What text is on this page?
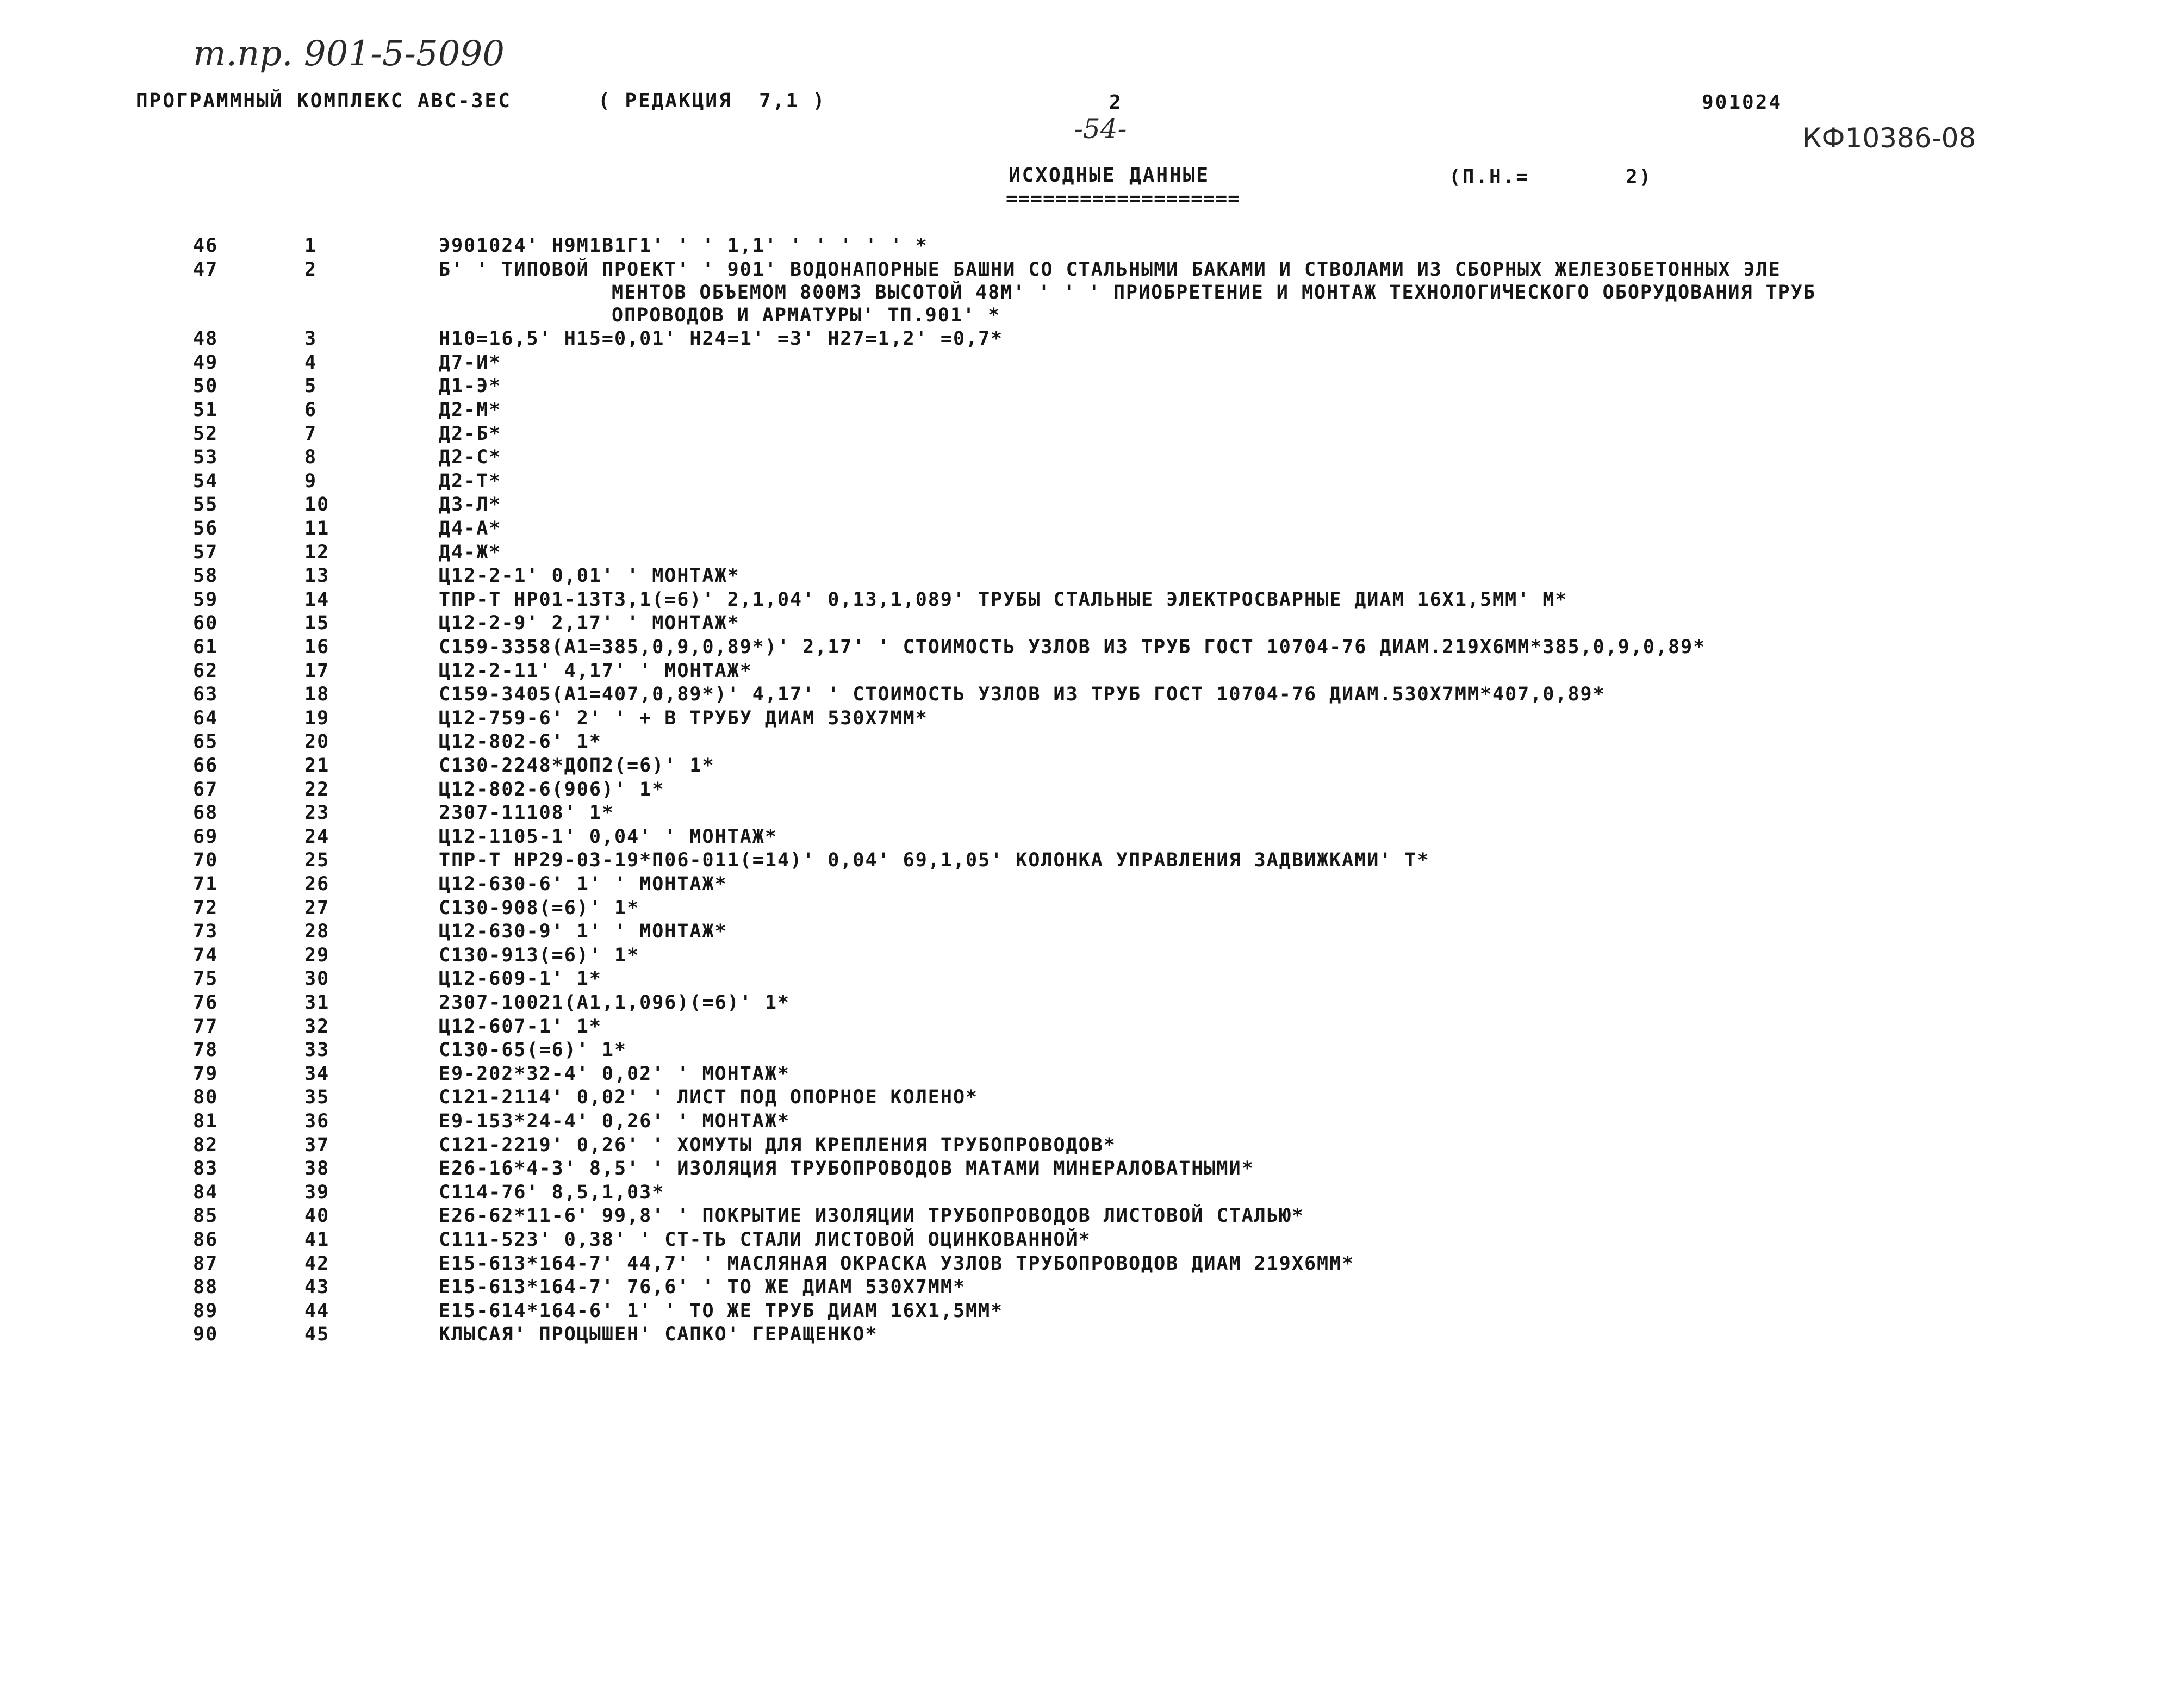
т.пр. 901-5-5090
-54-	КФ10386-08
ПРОГРАММНЫЙ КОМПЛЕКС АВС-3ЕС	( РЕДАКЦИЯ  7,1 )	2	901024
ИСХОДНЫЕ ДАННЫЕ
===================
(П.Н.=	2)
46	1	Э901024' Н9М1В1Г1' ' ' 1,1' ' ' ' ' ' *
47	2	Б' ' ТИПОВОЙ ПРОЕКТ' ' 901' ВОДОНАПОРНЫЕ БАШНИ СО СТАЛЬНЫМИ БАКАМИ И СТВОЛАМИ ИЗ СБОРНЫХ ЖЕЛЕЗОБЕТОННЫХ ЭЛЕ
МЕНТОВ ОБЪЕМОМ 800М3 ВЫСОТОЙ 48М' ' ' ' ПРИОБРЕТЕНИЕ И МОНТАЖ ТЕХНОЛОГИЧЕСКОГО ОБОРУДОВАНИЯ ТРУБ
ОПРОВОДОВ И АРМАТУРЫ' ТП.901' *
48	3	Н10=16,5' Н15=0,01' Н24=1' =3' Н27=1,2' =0,7*
49	4	Д7-И*
50	5	Д1-Э*
51	6	Д2-М*
52	7	Д2-Б*
53	8	Д2-С*
54	9	Д2-Т*
55	10	Д3-Л*
56	11	Д4-А*
57	12	Д4-Ж*
58	13	Ц12-2-1' 0,01' ' МОНТАЖ*
59	14	ТПР-Т НР01-13Т3,1(=6)' 2,1,04' 0,13,1,089' ТРУБЫ СТАЛЬНЫЕ ЭЛЕКТРОСВАРНЫЕ ДИАМ 16Х1,5ММ' М*
60	15	Ц12-2-9' 2,17' ' МОНТАЖ*
61	16	С159-3358(А1=385,0,9,0,89*)' 2,17' ' СТОИМОСТЬ УЗЛОВ ИЗ ТРУБ ГОСТ 10704-76 ДИАМ.219Х6ММ*385,0,9,0,89*
62	17	Ц12-2-11' 4,17' ' МОНТАЖ*
63	18	С159-3405(А1=407,0,89*)' 4,17' ' СТОИМОСТЬ УЗЛОВ ИЗ ТРУБ ГОСТ 10704-76 ДИАМ.530Х7ММ*407,0,89*
64	19	Ц12-759-6' 2' ' + В ТРУБУ ДИАМ 530Х7ММ*
65	20	Ц12-802-6' 1*
66	21	С130-2248*ДОП2(=6)' 1*
67	22	Ц12-802-6(906)' 1*
68	23	2307-11108' 1*
69	24	Ц12-1105-1' 0,04' ' МОНТАЖ*
70	25	ТПР-Т НР29-03-19*П06-011(=14)' 0,04' 69,1,05' КОЛОНКА УПРАВЛЕНИЯ ЗАДВИЖКАМИ' Т*
71	26	Ц12-630-6' 1' ' МОНТАЖ*
72	27	С130-908(=6)' 1*
73	28	Ц12-630-9' 1' ' МОНТАЖ*
74	29	С130-913(=6)' 1*
75	30	Ц12-609-1' 1*
76	31	2307-10021(А1,1,096)(=6)' 1*
77	32	Ц12-607-1' 1*
78	33	С130-65(=6)' 1*
79	34	Е9-202*32-4' 0,02' ' МОНТАЖ*
80	35	С121-2114' 0,02' ' ЛИСТ ПОД ОПОРНОЕ КОЛЕНО*
81	36	Е9-153*24-4' 0,26' ' МОНТАЖ*
82	37	С121-2219' 0,26' ' ХОМУТЫ ДЛЯ КРЕПЛЕНИЯ ТРУБОПРОВОДОВ*
83	38	Е26-16*4-3' 8,5' ' ИЗОЛЯЦИЯ ТРУБОПРОВОДОВ МАТАМИ МИНЕРАЛОВАТНЫМИ*
84	39	С114-76' 8,5,1,03*
85	40	Е26-62*11-6' 99,8' ' ПОКРЫТИЕ ИЗОЛЯЦИИ ТРУБОПРОВОДОВ ЛИСТОВОЙ СТАЛЬЮ*
86	41	С111-523' 0,38' ' СТ-ТЬ СТАЛИ ЛИСТОВОЙ ОЦИНКОВАННОЙ*
87	42	Е15-613*164-7' 44,7' ' МАСЛЯНАЯ ОКРАСКА УЗЛОВ ТРУБОПРОВОДОВ ДИАМ 219Х6ММ*
88	43	Е15-613*164-7' 76,6' ' ТО ЖЕ ДИАМ 530Х7ММ*
89	44	Е15-614*164-6' 1' ' ТО ЖЕ ТРУБ ДИАМ 16Х1,5ММ*
90	45	КЛЫСАЯ' ПРОЦЫШЕН' САПКО' ГЕРАЩЕНКО*
